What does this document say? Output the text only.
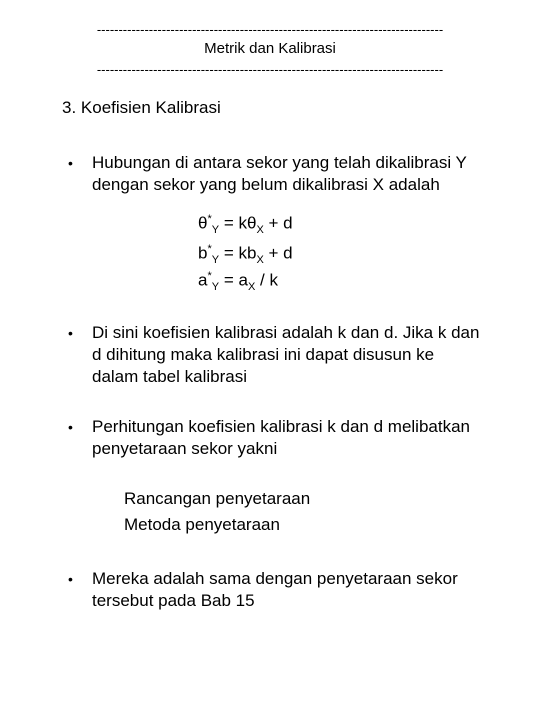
--------------------------------------------------------------------------------
Metrik dan Kalibrasi
--------------------------------------------------------------------------------
3. Koefisien Kalibrasi
• Hubungan di antara sekor yang telah dikalibrasi Y
dengan sekor yang belum dikalibrasi X adalah
$\theta^*_Y = k\theta_X + d$
$b^*_Y = kb_X + d$
$a^*_Y = a_X / k$
• Di sini koefisien kalibrasi adalah k dan d. Jika k dan
d dihitung maka kalibrasi ini dapat disusun ke
dalam tabel kalibrasi
• Perhitungan koefisien kalibrasi k dan d melibatkan
penyetaraan sekor yakni
Rancangan penyetaraan
Metoda penyetaraan
• Mereka adalah sama dengan penyetaraan sekor
tersebut pada Bab 15
